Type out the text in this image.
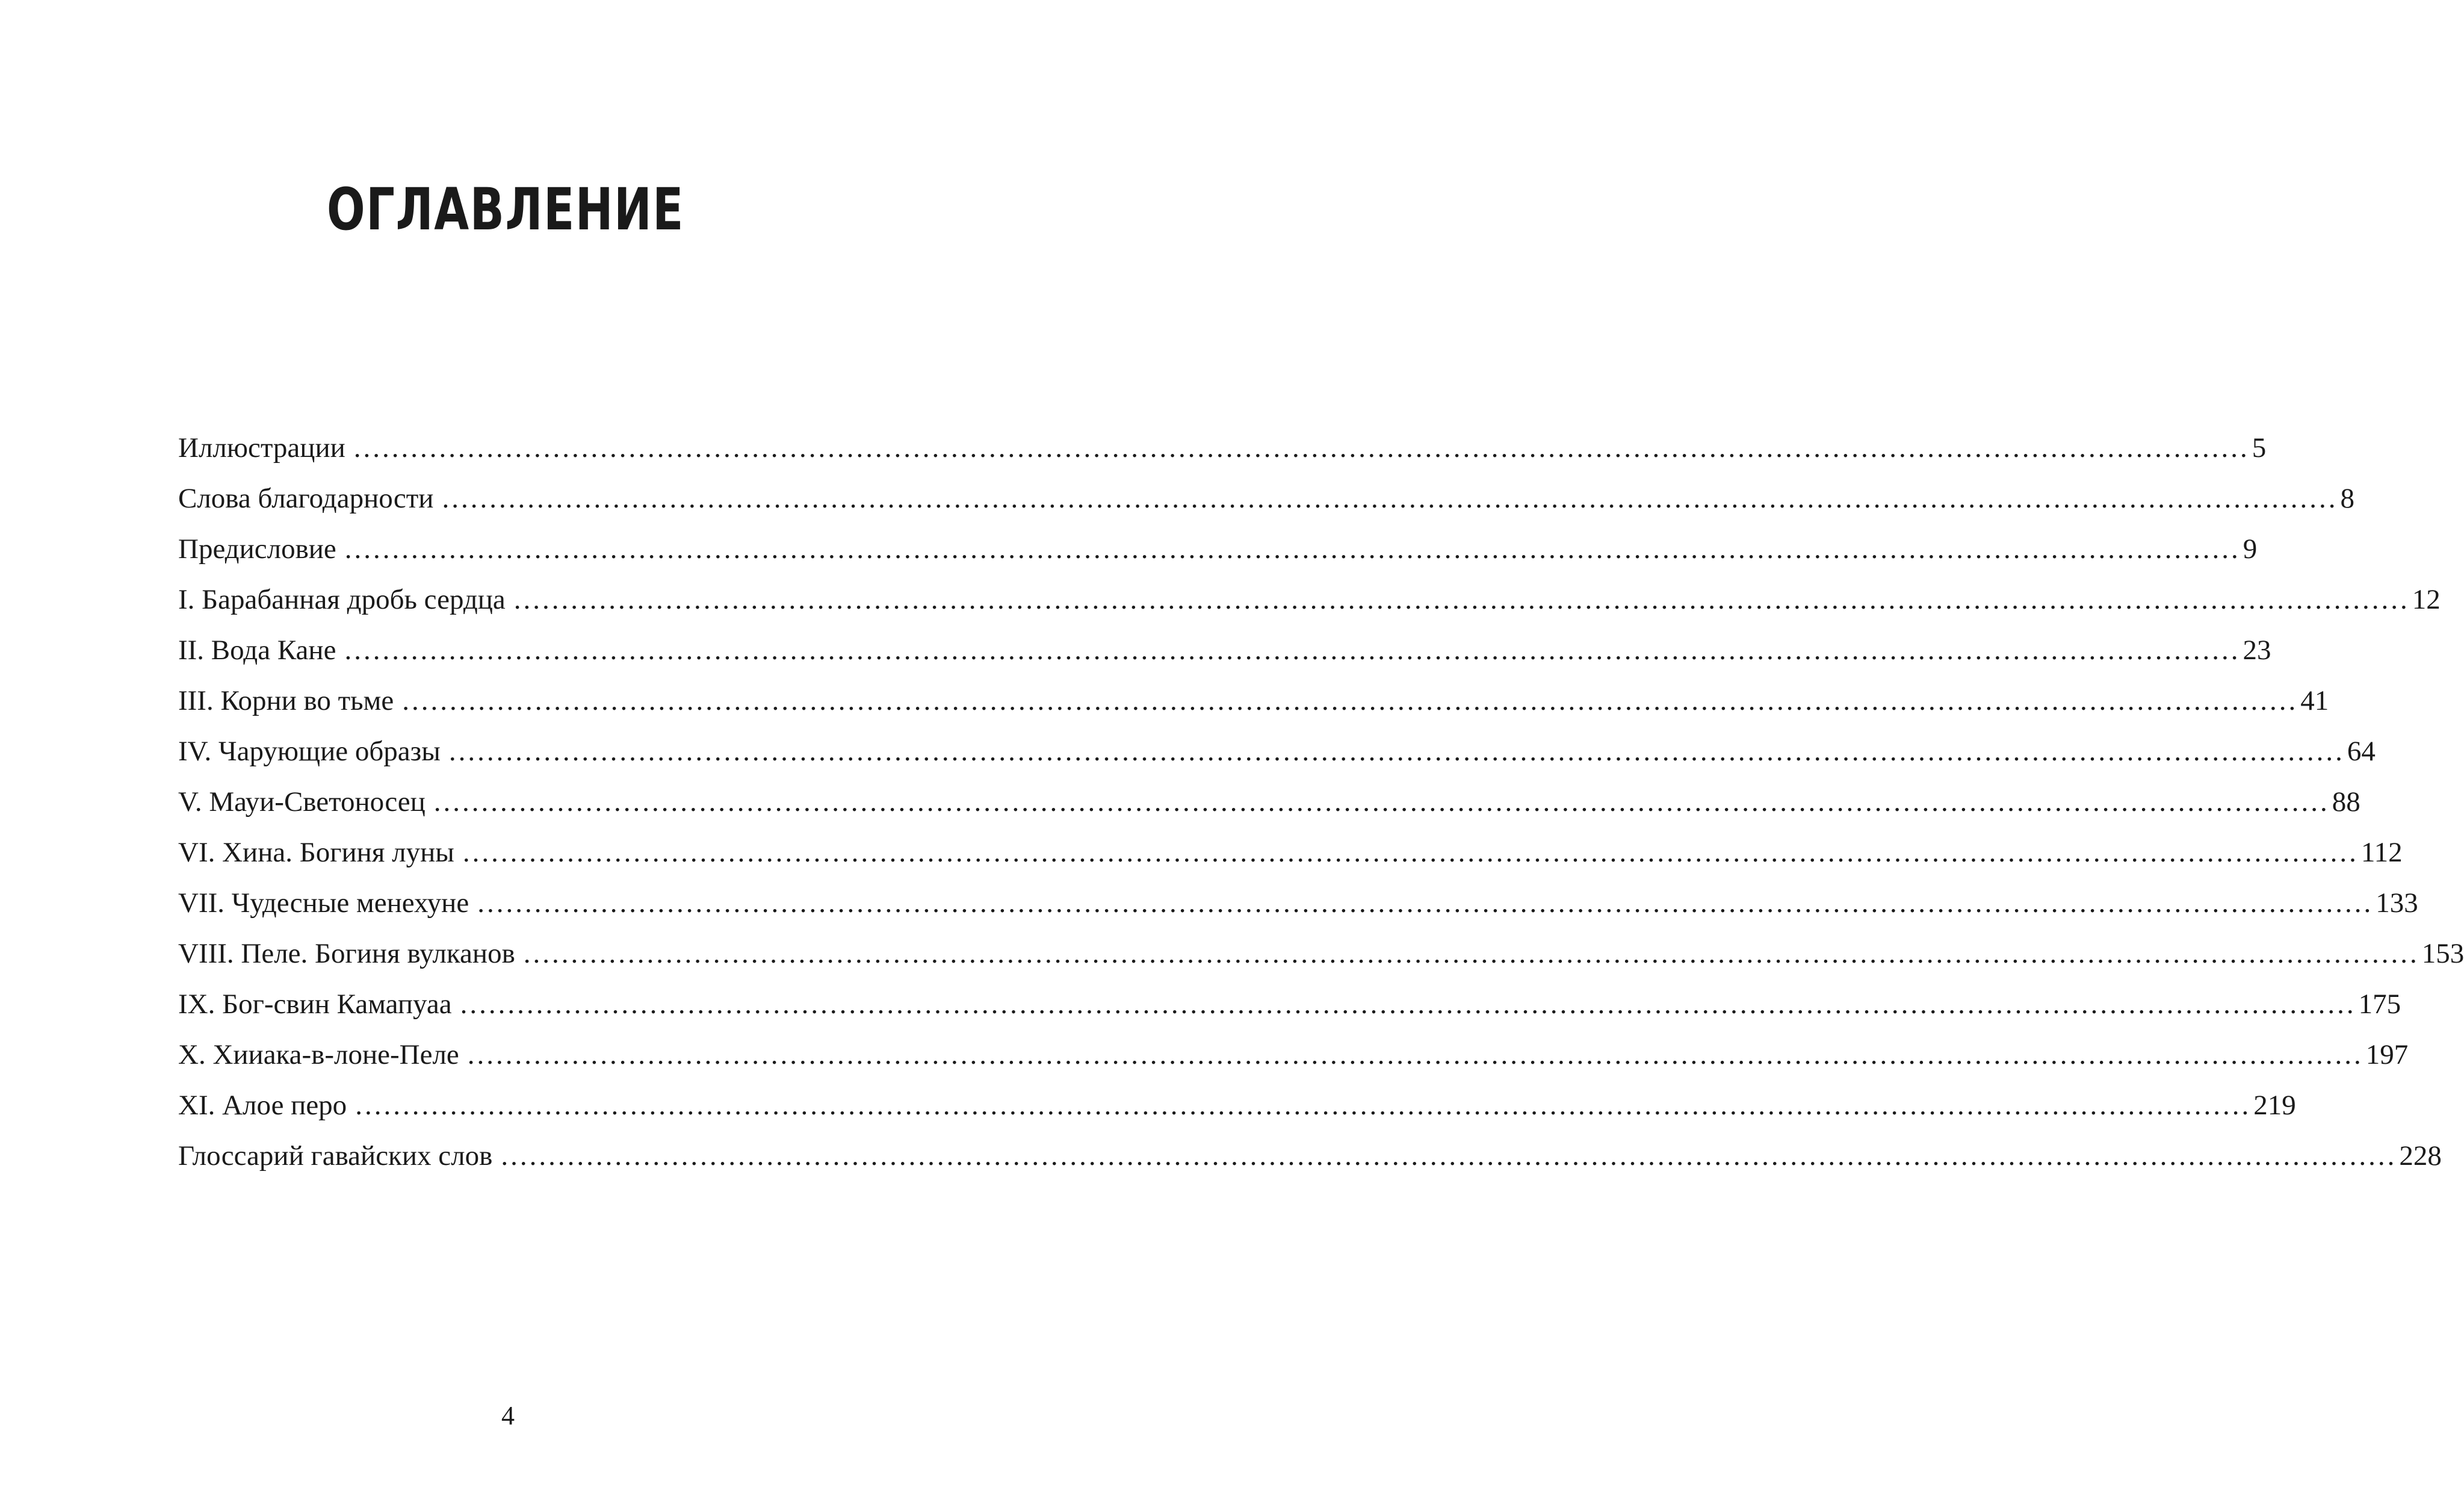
ОГЛАВЛЕНИЕ
Иллюстрации ........................................................................................................................................................................................................ 5
Слова благодарности ........................................................................................................................................................................................................ 8
Предисловие ........................................................................................................................................................................................................ 9
I. Барабанная дробь сердца ........................................................................................................................................................................................................ 12
II. Вода Кане ........................................................................................................................................................................................................ 23
III. Корни во тьме ........................................................................................................................................................................................................ 41
IV. Чарующие образы ........................................................................................................................................................................................................ 64
V. Мауи-Светоносец ........................................................................................................................................................................................................ 88
VI. Хина. Богиня луны ........................................................................................................................................................................................................ 112
VII. Чудесные менехуне ........................................................................................................................................................................................................ 133
VIII. Пеле. Богиня вулканов ........................................................................................................................................................................................................ 153
IX. Бог-свин Камапуаа ........................................................................................................................................................................................................ 175
X. Хииака-в-лоне-Пеле ........................................................................................................................................................................................................ 197
XI. Алое перо ........................................................................................................................................................................................................ 219
Глоссарий гавайских слов ........................................................................................................................................................................................................ 228
4
